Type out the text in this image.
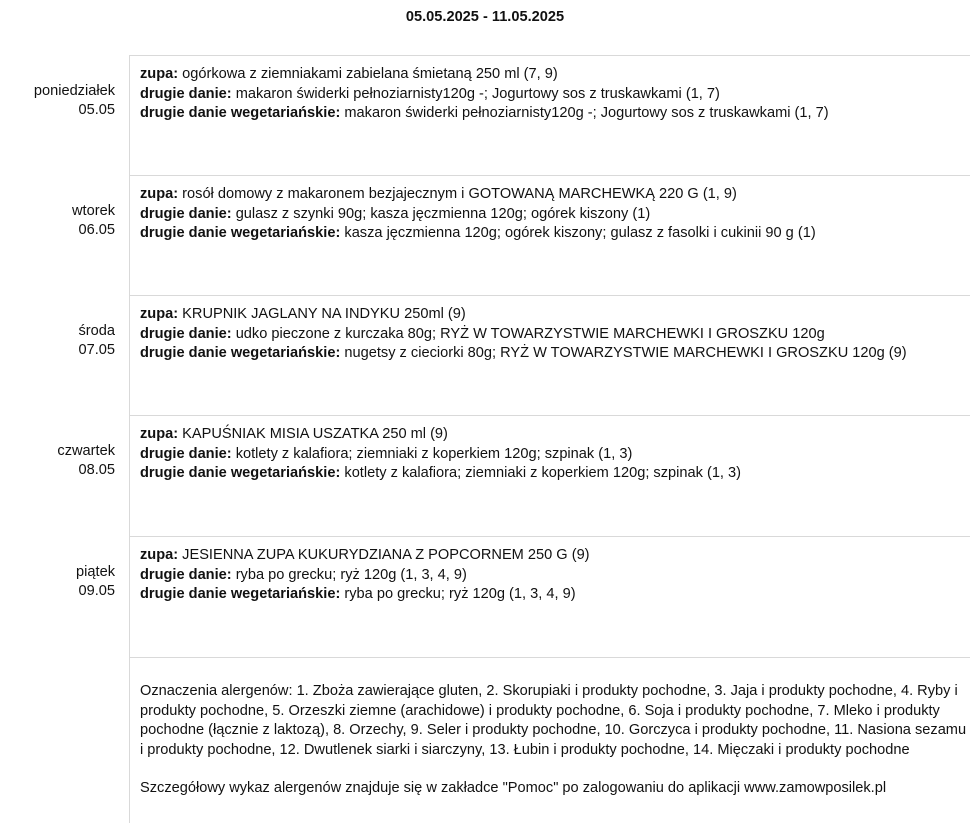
05.05.2025 - 11.05.2025
poniedziałek
05.05
zupa: ogórkowa z ziemniakami zabielana śmietaną 250 ml (7, 9)
drugie danie: makaron świderki pełnoziarnisty120g -; Jogurtowy sos z truskawkami (1, 7)
drugie danie wegetariańskie: makaron świderki pełnoziarnisty120g -; Jogurtowy sos z truskawkami (1, 7)
wtorek
06.05
zupa: rosół domowy z makaronem bezjajecznym i GOTOWANĄ MARCHEWKĄ 220 G (1, 9)
drugie danie: gulasz z szynki 90g; kasza jęczmienna 120g; ogórek kiszony (1)
drugie danie wegetariańskie: kasza jęczmienna 120g; ogórek kiszony; gulasz z fasolki i cukinii 90 g (1)
środa
07.05
zupa: KRUPNIK JAGLANY NA INDYKU 250ml (9)
drugie danie: udko pieczone z kurczaka 80g; RYŻ W TOWARZYSTWIE MARCHEWKI I GROSZKU 120g
drugie danie wegetariańskie: nugetsy z cieciorki 80g; RYŻ W TOWARZYSTWIE MARCHEWKI I GROSZKU 120g (9)
czwartek
08.05
zupa: KAPUŚNIAK MISIA USZATKA 250 ml (9)
drugie danie: kotlety z kalafiora; ziemniaki z koperkiem 120g; szpinak (1, 3)
drugie danie wegetariańskie: kotlety z kalafiora; ziemniaki z koperkiem 120g; szpinak (1, 3)
piątek
09.05
zupa: JESIENNA ZUPA KUKURYDZIANA Z POPCORNEM 250 G (9)
drugie danie: ryba po grecku; ryż 120g (1, 3, 4, 9)
drugie danie wegetariańskie: ryba po grecku; ryż 120g (1, 3, 4, 9)

Oznaczenia alergenów: 1. Zboża zawierające gluten, 2. Skorupiaki i produkty pochodne, 3. Jaja i produkty pochodne, 4. Ryby i produkty pochodne, 5. Orzeszki ziemne (arachidowe) i produkty pochodne, 6. Soja i produkty pochodne, 7. Mleko i produkty pochodne (łącznie z laktozą), 8. Orzechy, 9. Seler i produkty pochodne, 10. Gorczyca i produkty pochodne, 11. Nasiona sezamu i produkty pochodne, 12. Dwutlenek siarki i siarczyny, 13. Łubin i produkty pochodne, 14. Mięczaki i produkty pochodne

Szczegółowy wykaz alergenów znajduje się w zakładce "Pomoc" po zalogowaniu do aplikacji www.zamowposilek.pl
